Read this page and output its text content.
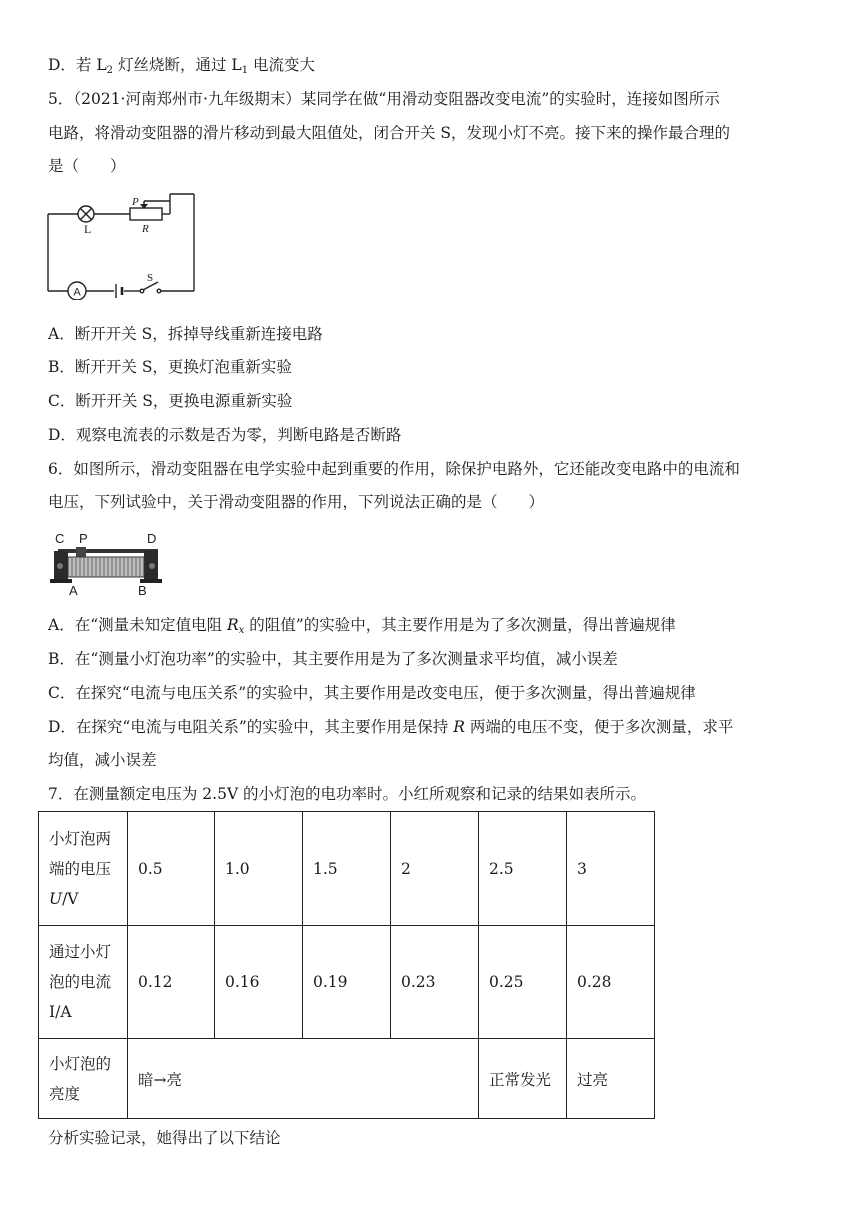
D．若 $L_2$ 灯丝烧断，通过 $L_1$ 电流变大
5．（2021·河南郑州市·九年级期末）某同学在做“用滑动变阻器改变电流”的实验时，连接如图所示
电路，将滑动变阻器的滑片移动到最大阻值处，闭合开关 S，发现小灯不亮。接下来的操作最合理的
是（　　）
A
L
P
R
S
A．断开开关 S，拆掉导线重新连接电路
B．断开开关 S，更换灯泡重新实验
C．断开开关 S，更换电源重新实验
D．观察电流表的示数是否为零，判断电路是否断路
6．如图所示，滑动变阻器在电学实验中起到重要的作用，除保护电路外，它还能改变电路中的电流和
电压，下列试验中，关于滑动变阻器的作用，下列说法正确的是（　　）
C P	D
A	B
A．在“测量未知定值电阻 $R_x$ 的阻值”的实验中，其主要作用是为了多次测量，得出普遍规律
B．在“测量小灯泡功率”的实验中，其主要作用是为了多次测量求平均值，减小误差
C．在探究“电流与电压关系”的实验中，其主要作用是改变电压，便于多次测量，得出普遍规律
D．在探究“电流与电阻关系”的实验中，其主要作用是保持 R 两端的电压不变，便于多次测量，求平
均值，减小误差
7．在测量额定电压为 2.5V 的小灯泡的电功率时。小红所观察和记录的结果如表所示。
小灯泡两
端的电压
U/V	0.5	1.0	1.5	2	2.5	3

通过小灯
泡的电流
I/A	0.12	0.16	0.19	0.23	0.25	0.28

小灯泡的
亮度	暗→亮				正常发光	过亮
分析实验记录，她得出了以下结论
